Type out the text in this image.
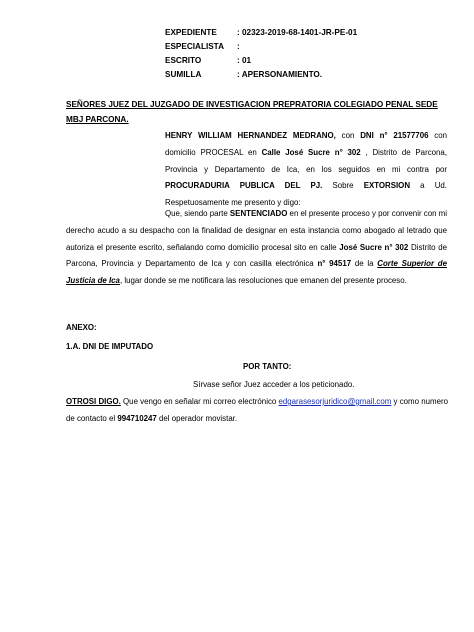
EXPEDIENTE : 02323-2019-68-1401-JR-PE-01
ESPECIALISTA :
ESCRITO	: 01
SUMILLA	: APERSONAMIENTO.
SEÑORES JUEZ DEL JUZGADO DE INVESTIGACION PREPRATORIA COLEGIADO PENAL SEDE MBJ PARCONA.
HENRY WILLIAM HERNANDEZ MEDRANO, con DNI n° 21577706 con domicilio PROCESAL en Calle José Sucre n° 302 , Distrito de Parcona, Provincia y Departamento de Ica, en los seguidos en mi contra por PROCURADURIA PUBLICA DEL PJ. Sobre EXTORSION a Ud. Respetuosamente me presento y digo:
Que, siendo parte SENTENCIADO en el presente proceso y por convenir con mi derecho acudo a su despacho con la finalidad de designar en esta instancia como abogado al letrado que autoriza el presente escrito, señalando como domicilio procesal sito en calle José Sucre n° 302 Distrito de Parcona, Provincia y Departamento de Ica y con casilla electrónica n° 94517 de la Corte Superior de Justicia de Ica, lugar donde se me notificara las resoluciones que emanen del presente proceso.
ANEXO:
1.A. DNI DE IMPUTADO
POR TANTO:
Sírvase señor Juez acceder a los peticionado.
OTROSI DIGO. Que vengo en señalar mi correo electrónico edgarasesorjuridico@gmail.com y como numero de contacto el 994710247 del operador movistar.
